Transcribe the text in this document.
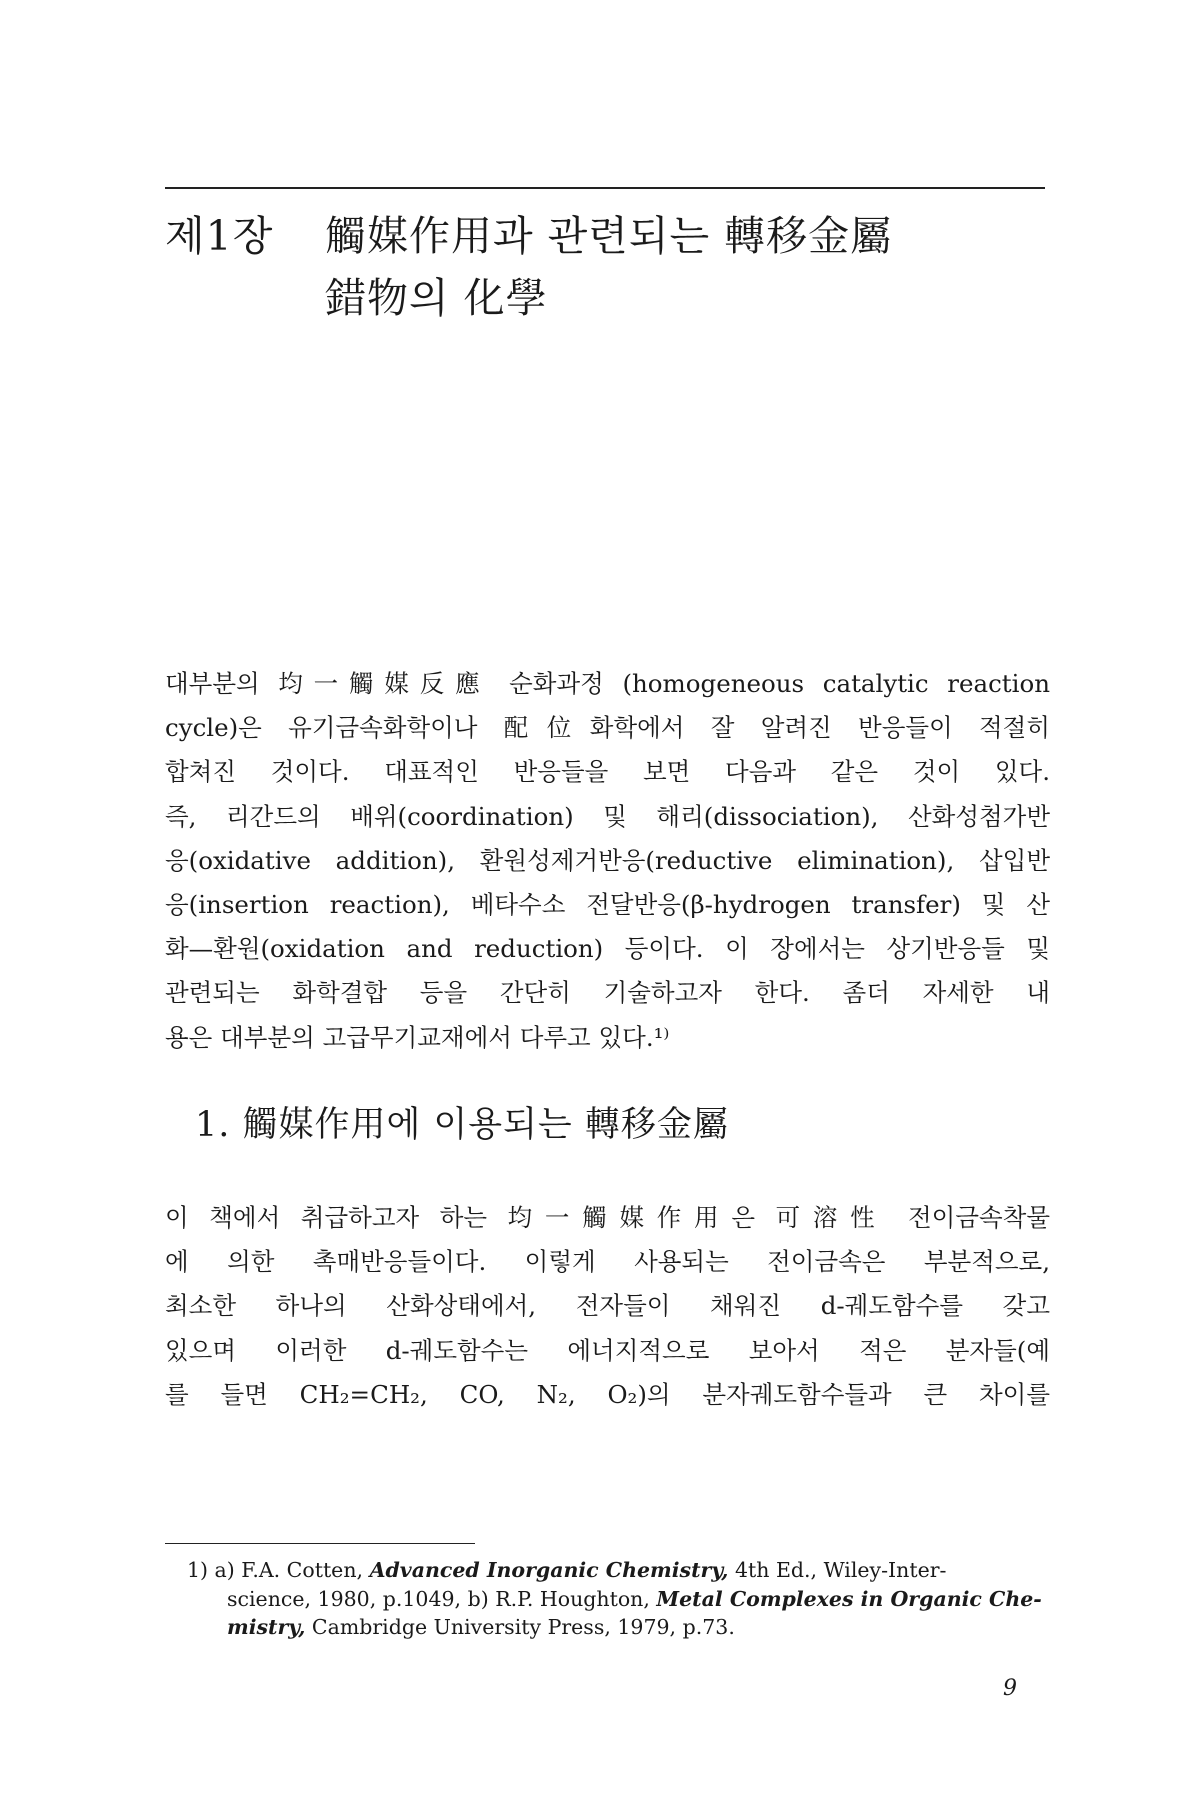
제1장	觸媒作用과 관련되는 轉移金屬
錯物의 化學
대부분의 均一觸媒反應 순화과정 (homogeneous catalytic reaction
cycle)은 유기금속화학이나 配位화학에서 잘 알려진 반응들이 적절히
합쳐진 것이다. 대표적인 반응들을 보면 다음과 같은 것이 있다.
즉, 리간드의 배위(coordination) 및 해리(dissociation), 산화성첨가반
응(oxidative addition), 환원성제거반응(reductive elimination), 삽입반
응(insertion reaction), 베타수소 전달반응(β-hydrogen transfer) 및 산
화—환원(oxidation and reduction) 등이다. 이 장에서는 상기반응들 및
관련되는 화학결합 등을 간단히 기술하고자 한다. 좀더 자세한 내
용은 대부분의 고급무기교재에서 다루고 있다.¹⁾
1. 觸媒作用에 이용되는 轉移金屬
이 책에서 취급하고자 하는 均一觸媒作用은 可溶性 전이금속착물
에 의한 촉매반응들이다. 이렇게 사용되는 전이금속은 부분적으로,
최소한 하나의 산화상태에서, 전자들이 채워진 d-궤도함수를 갖고
있으며 이러한 d-궤도함수는 에너지적으로 보아서 적은 분자들(예
를 들면 CH₂=CH₂, CO, N₂, O₂)의 분자궤도함수들과 큰 차이를
1) a) F.A. Cotten, Advanced Inorganic Chemistry, 4th Ed., Wiley-Inter-
science, 1980, p.1049, b) R.P. Houghton, Metal Complexes in Organic Che-
mistry, Cambridge University Press, 1979, p.73.
9
